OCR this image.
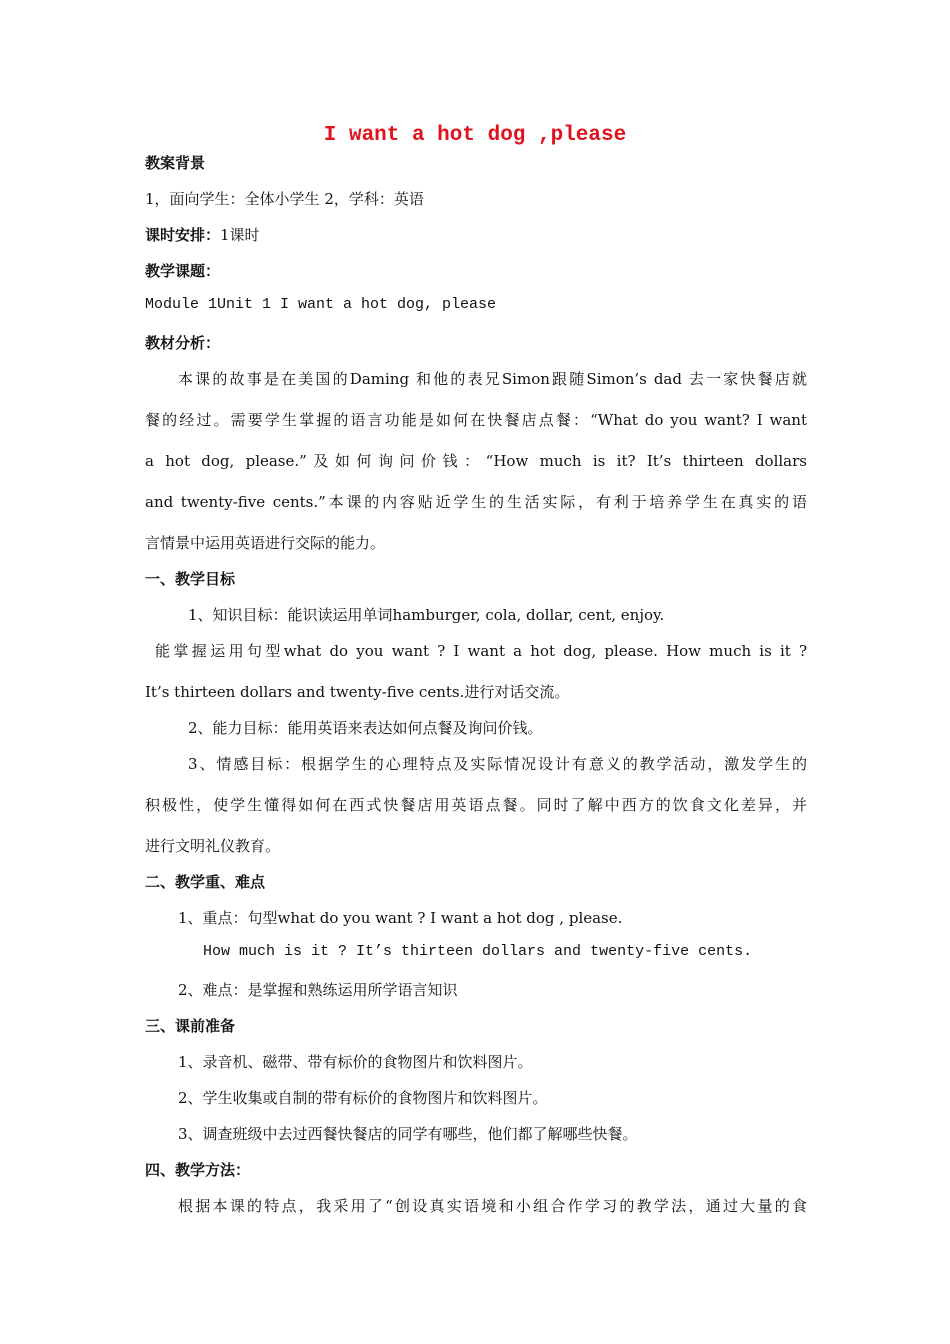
I want a hot dog ,please
教案背景
1，面向学生：全体小学生 2，学科：英语
课时安排：1课时
教学课题：
Module 1Unit 1 I want a hot dog, please
教材分析：
本课的故事是在美国的Daming 和他的表兄Simon跟随Simon’s dad 去一家快餐店就
餐的经过。需要学生掌握的语言功能是如何在快餐店点餐：“What do you want? I want
a hot dog, please.”及如何询问价钱：“How much is it? It’s thirteen dollars
and twenty-five cents.”本课的内容贴近学生的生活实际，有利于培养学生在真实的语
言情景中运用英语进行交际的能力。
一、教学目标
1、知识目标：能识读运用单词hamburger, cola, dollar, cent, enjoy.
能掌握运用句型what do you want ? I want a hot dog, please. How much is it ?
It’s thirteen dollars and twenty-five cents.进行对话交流。
2、能力目标：能用英语来表达如何点餐及询问价钱。
3、情感目标：根据学生的心理特点及实际情况设计有意义的教学活动，激发学生的
积极性，使学生懂得如何在西式快餐店用英语点餐。同时了解中西方的饮食文化差异，并
进行文明礼仪教育。
二、教学重、难点
1、重点：句型what do you want ? I want a hot dog , please.
How much is it ? It’s thirteen dollars and twenty-five cents.
2、难点：是掌握和熟练运用所学语言知识
三、课前准备
1、录音机、磁带、带有标价的食物图片和饮料图片。
2、学生收集或自制的带有标价的食物图片和饮料图片。
3、调查班级中去过西餐快餐店的同学有哪些，他们都了解哪些快餐。
四、教学方法：
根据本课的特点，我采用了“创设真实语境和小组合作学习的教学法，通过大量的食
